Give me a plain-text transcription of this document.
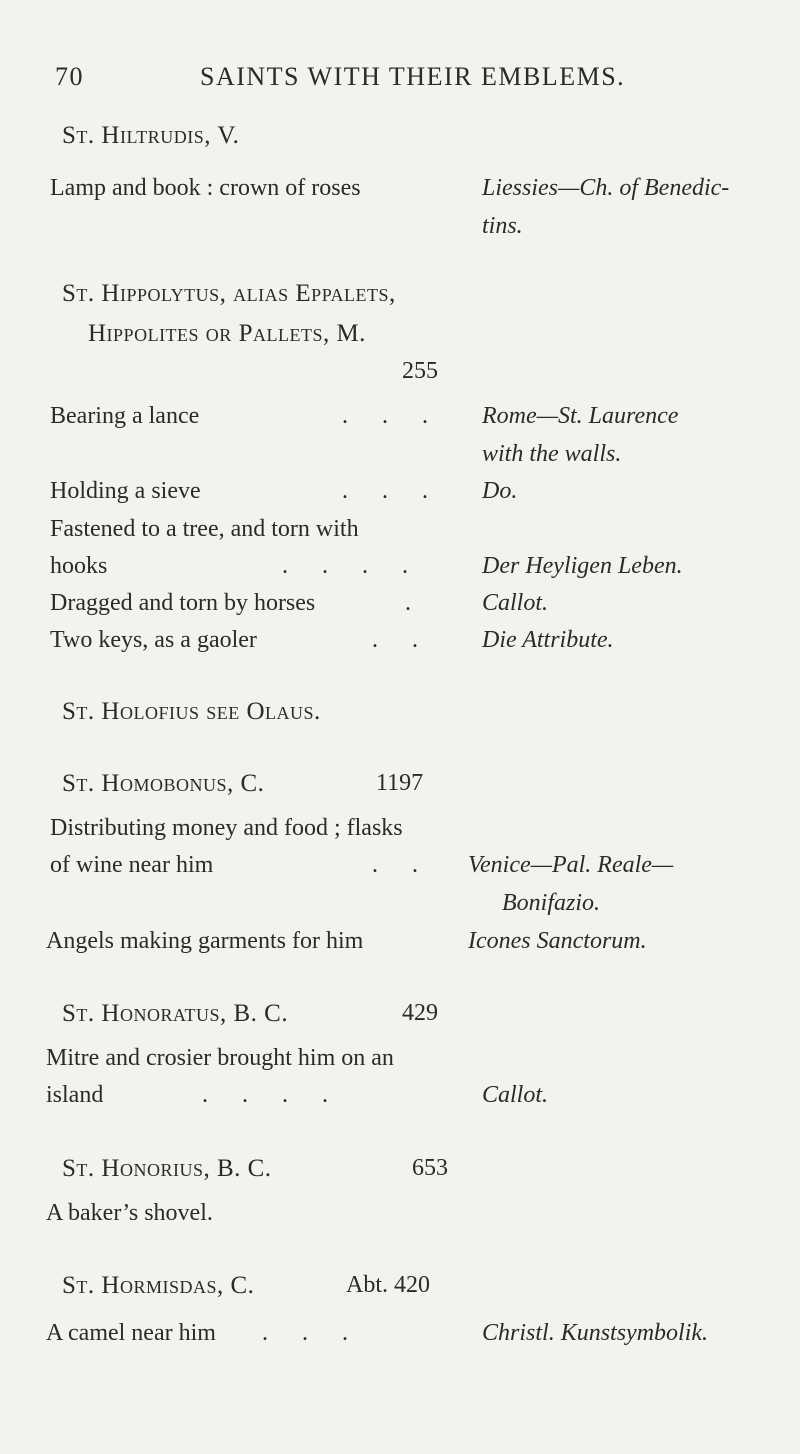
70	SAINTS WITH THEIR EMBLEMS.
St. Hiltrudis, V.
Lamp and book : crown of roses	Liessies—Ch. of Benedic-
tins.
St. Hippolytus, alias Eppalets,
Hippolites or Pallets, M.
255
Bearing a lance	. . . Rome—St. Laurence
with the walls.
Holding a sieve	. . . Do.
Fastened to a tree, and torn with
hooks	. . . .	Der Heyligen Leben.
Dragged and torn by horses	.	Callot.
Two keys, as a gaoler	. . Die Attribute.
St. Holofius see Olaus.
St. Homobonus, C.	1197
Distributing money and food ; flasks
of wine near him	. . Venice—Pal. Reale—
Bonifazio.
Angels making garments for him	Icones Sanctorum.
St. Honoratus, B. C.	429
Mitre and crosier brought him on an
island	. . . .	Callot.
St. Honorius, B. C.	653
A baker’s shovel.
St. Hormisdas, C.	Abt. 420
A camel near him . . .	Christl. Kunstsymbolik.
